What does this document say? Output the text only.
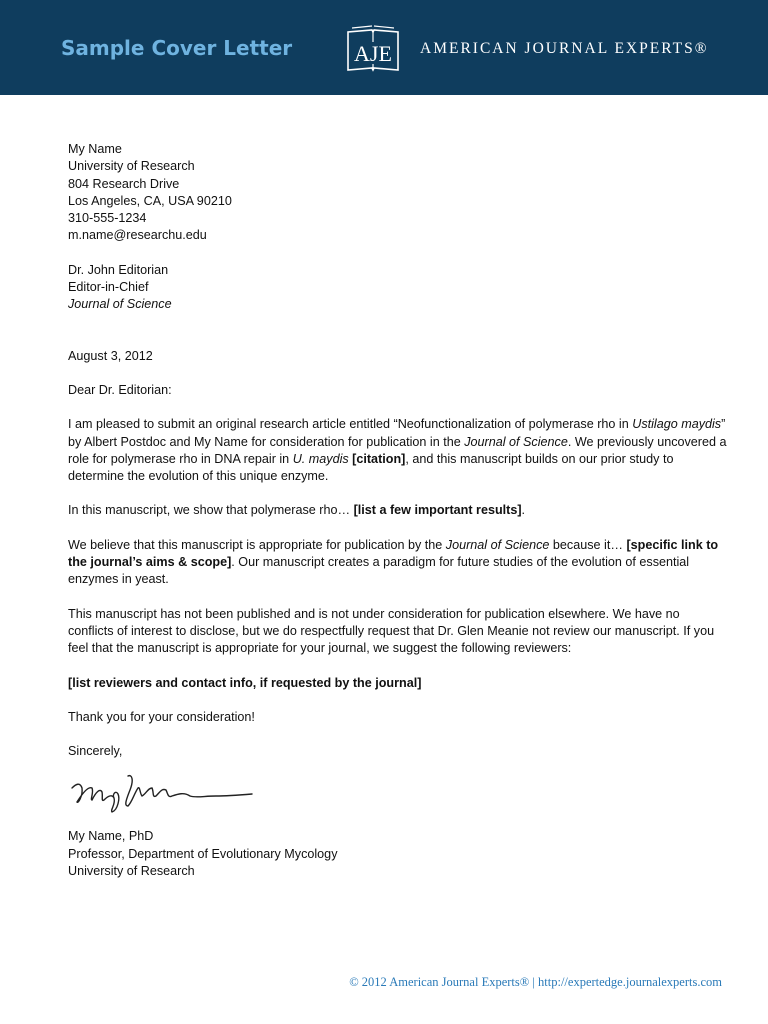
Sample Cover Letter	AJE AMERICAN JOURNAL EXPERTS®

My Name

University of Research

804 Research Drive

Los Angeles, CA, USA 90210

310-555-1234

m.name@researchu.edu

Dr. John Editorian

Editor-in-Chief

Journal of Science

August 3, 2012

Dear Dr. Editorian:

I am pleased to submit an original research article entitled “Neofunctionalization of polymerase rho in Ustilago maydis” by Albert Postdoc and My Name for consideration for publication in the Journal of Science. We previously uncovered a role for polymerase rho in DNA repair in U. maydis [citation], and this manuscript builds on our prior study to determine the evolution of this unique enzyme.

In this manuscript, we show that polymerase rho… [list a few important results].

We believe that this manuscript is appropriate for publication by the Journal of Science because it… [specific link to the journal’s aims & scope]. Our manuscript creates a paradigm for future studies of the evolution of essential enzymes in yeast.

This manuscript has not been published and is not under consideration for publication elsewhere. We have no conflicts of interest to disclose, but we do respectfully request that Dr. Glen Meanie not review our manuscript. If you feel that the manuscript is appropriate for your journal, we suggest the following reviewers:

[list reviewers and contact info, if requested by the journal]

Thank you for your consideration!

Sincerely,

My Name, PhD

Professor, Department of Evolutionary Mycology

University of Research

© 2012 American Journal Experts® | http://expertedge.journalexperts.com
